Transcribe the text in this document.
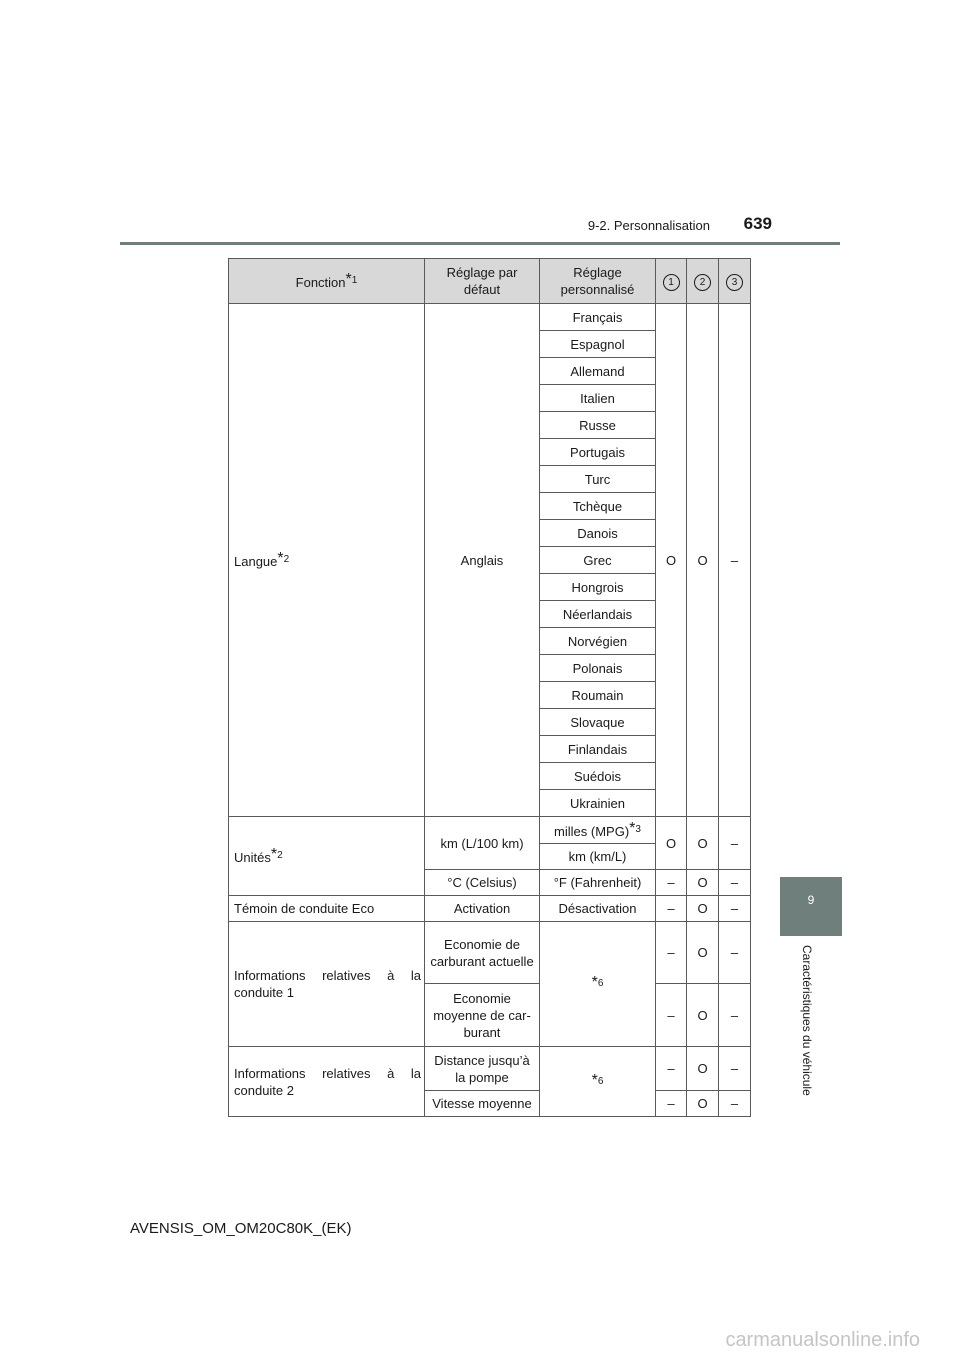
9-2. Personnalisation	639
9
Caractéristiques du véhicule
Fonction$^{*1}$	Réglage par défaut	Réglage personnalisé	1	2	3
Langue$^{*2}$	Anglais	Français	O	O	–
		Espagnol			
		Allemand			
		Italien			
		Russe			
		Portugais			
		Turc			
		Tchèque			
		Danois			
		Grec			
		Hongrois			
		Néerlandais			
		Norvégien			
		Polonais			
		Roumain			
		Slovaque			
		Finlandais			
		Suédois			
		Ukrainien			
Unités$^{*2}$	km (L/100 km)	milles (MPG)$^{*3}$	O	O	–
		km (km/L)			
	°C (Celsius)	°F (Fahrenheit)	–	O	–
Témoin de conduite Eco	Activation	Désactivation	–	O	–
Informations relatives à la conduite 1	Economie de carburant actuelle	$^{*6}$	–	O	–
	Economie moyenne de car-burant		–	O	–
Informations relatives à la conduite 2	Distance jusqu’à la pompe	$^{*6}$	–	O	–
	Vitesse moyenne		–	O	–
AVENSIS_OM_OM20C80K_(EK)
carmanualsonline.info
